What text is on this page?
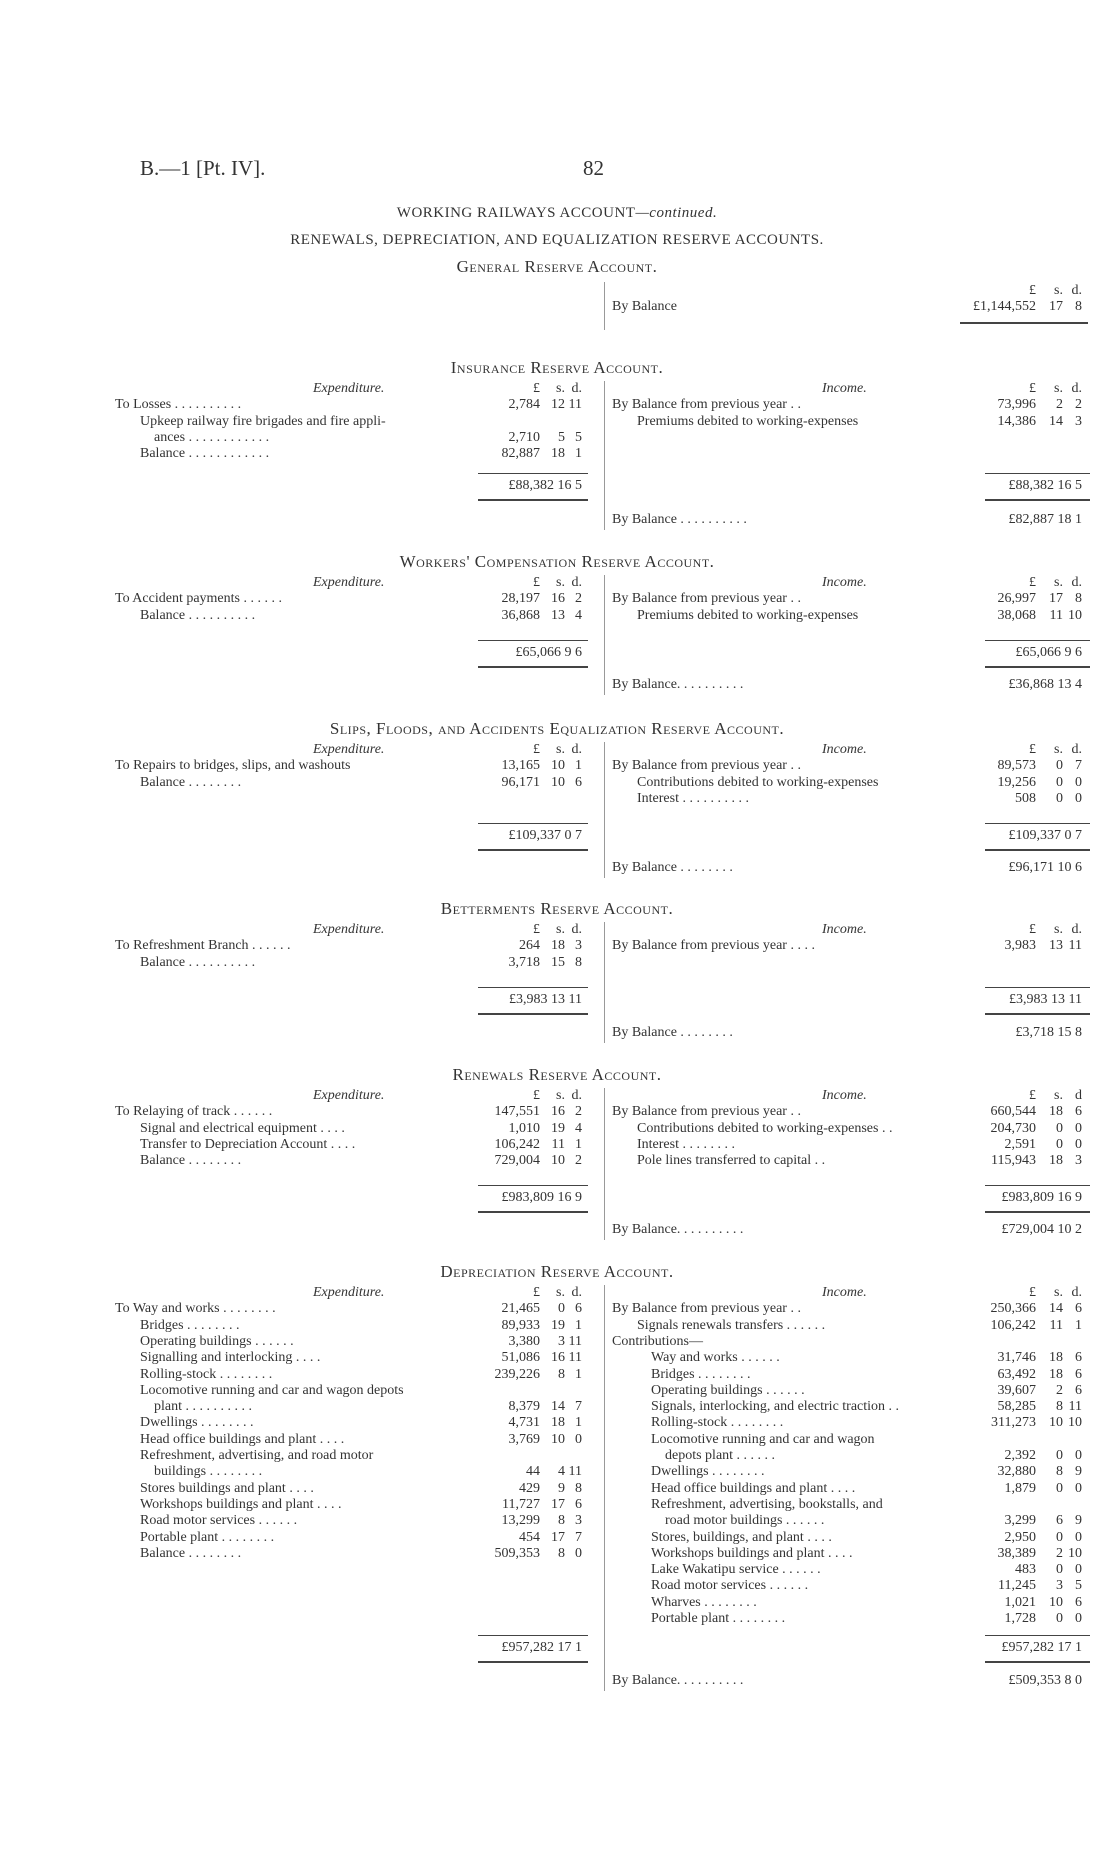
B.—1 [Pt. IV].	82
WORKING RAILWAYS ACCOUNT—continued.
RENEWALS, DEPRECIATION, AND EQUALIZATION RESERVE ACCOUNTS.
General Reserve Account.
£	s. d.
By Balance	£1,144,552 17 8
Insurance Reserve Account.
Expenditure.	Income.
£	s. d.	£	s. d.
To Losses . . . . . . . . . .	2,784 12 11
Upkeep railway fire brigades and fire appli-
ances . . . . . . . . . . . .	2,710	5 5
Balance . . . . . . . . . . . .	82,887 18 1
By Balance from previous year . .	73,996	2 2
Premiums debited to working-expenses	14,386 14 3
£88,382 16 5	£88,382 16 5
By Balance . . . . . . . . . .	£82,887 18 1
Workers' Compensation Reserve Account.
Expenditure.	Income.
£	s. d.	£	s. d.
To Accident payments . . . . . .	28,197 16 2
Balance . . . . . . . . . .	36,868 13 4
By Balance from previous year . .	26,997 17 8
Premiums debited to working-expenses	38,068 11 10
£65,066 9 6	£65,066 9 6
By Balance. . . . . . . . . .	£36,868 13 4
Slips, Floods, and Accidents Equalization Reserve Account.
Expenditure.	Income.
£	s. d.	£	s. d.
To Repairs to bridges, slips, and washouts	13,165 10 1
Balance . . . . . . . .	96,171 10 6
By Balance from previous year . .	89,573	0 7
Contributions debited to working-expenses	19,256	0 0
Interest . . . . . . . . . .	508	0 0
£109,337 0 7	£109,337 0 7
By Balance . . . . . . . .	£96,171 10 6
Betterments Reserve Account.
Expenditure.	Income.
£	s. d.	£	s. d.
To Refreshment Branch . . . . . .	264 18 3
Balance . . . . . . . . . .	3,718 15 8
By Balance from previous year . . . .	3,983 13 11
£3,983 13 11	£3,983 13 11
By Balance . . . . . . . .	£3,718 15 8
Renewals Reserve Account.
Expenditure.	Income.
£	s. d.	£	s. d
To Relaying of track . . . . . .	147,551 16 2
Signal and electrical equipment . . . .	1,010 19 4
Transfer to Depreciation Account . . . .	106,242 11 1
Balance . . . . . . . .	729,004 10 2
By Balance from previous year . .	660,544 18 6
Contributions debited to working-expenses . .	204,730	0 0
Interest . . . . . . . .	2,591	0 0
Pole lines transferred to capital . .	115,943 18 3
£983,809 16 9	£983,809 16 9
By Balance. . . . . . . . . .	£729,004 10 2
Depreciation Reserve Account.
Expenditure.	Income.
£	s. d.	£	s. d.
To Way and works . . . . . . . .	21,465	0 6
Bridges . . . . . . . .	89,933 19 1
Operating buildings . . . . . .	3,380	3 11
Signalling and interlocking . . . .	51,086 16 11
Rolling-stock . . . . . . . .	239,226	8 1
Locomotive running and car and wagon depots
plant . . . . . . . . . .	8,379 14 7
Dwellings . . . . . . . .	4,731 18 1
Head office buildings and plant . . . .	3,769 10 0
Refreshment, advertising, and road motor
buildings . . . . . . . .	44	4 11
Stores buildings and plant . . . .	429	9 8
Workshops buildings and plant . . . .	11,727 17 6
Road motor services . . . . . .	13,299	8 3
Portable plant . . . . . . . .	454 17 7
Balance . . . . . . . .	509,353	8 0
By Balance from previous year . .	250,366 14 6
Signals renewals transfers . . . . . .	106,242 11 1
Contributions—
Way and works . . . . . .	31,746 18 6
Bridges . . . . . . . .	63,492 18 6
Operating buildings . . . . . .	39,607	2 6
Signals, interlocking, and electric traction . .	58,285	8 11
Rolling-stock . . . . . . . .	311,273 10 10
Locomotive running and car and wagon
depots plant . . . . . .	2,392	0 0
Dwellings . . . . . . . .	32,880	8 9
Head office buildings and plant . . . .	1,879	0 0
Refreshment, advertising, bookstalls, and
road motor buildings . . . . . .	3,299	6 9
Stores, buildings, and plant . . . .	2,950	0 0
Workshops buildings and plant . . . .	38,389	2 10
Lake Wakatipu service . . . . . .	483	0 0
Road motor services . . . . . .	11,245	3 5
Wharves . . . . . . . .	1,021 10 6
Portable plant . . . . . . . .	1,728	0 0
£957,282 17 1	£957,282 17 1
By Balance. . . . . . . . . .	£509,353 8 0
